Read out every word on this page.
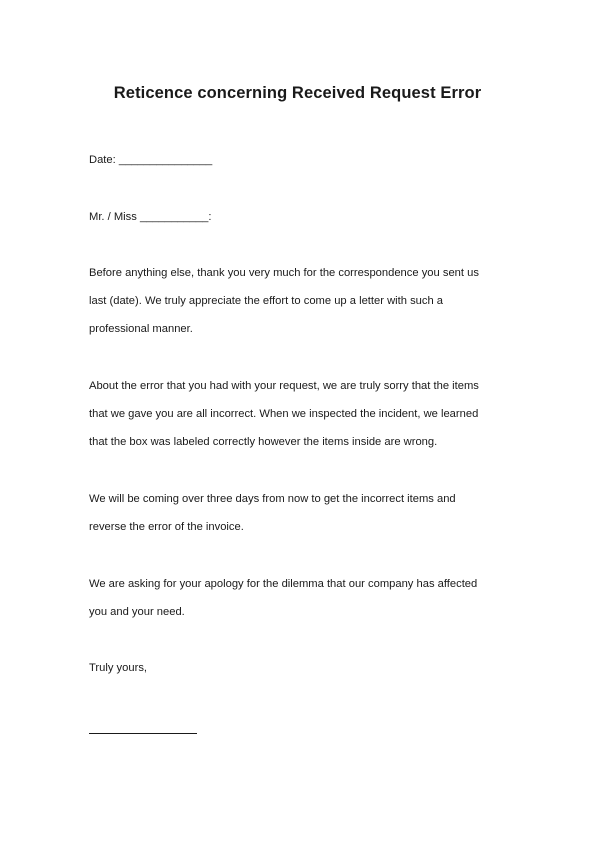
Reticence concerning Received Request Error

Date: _______________

Mr. / Miss ___________:

Before anything else, thank you very much for the correspondence you sent us

last (date). We truly appreciate the effort to come up a letter with such a

professional manner.

About the error that you had with your request, we are truly sorry that the items

that we gave you are all incorrect. When we inspected the incident, we learned

that the box was labeled correctly however the items inside are wrong.

We will be coming over three days from now to get the incorrect items and

reverse the error of the invoice.

We are asking for your apology for the dilemma that our company has affected

you and your need.

Truly yours,
